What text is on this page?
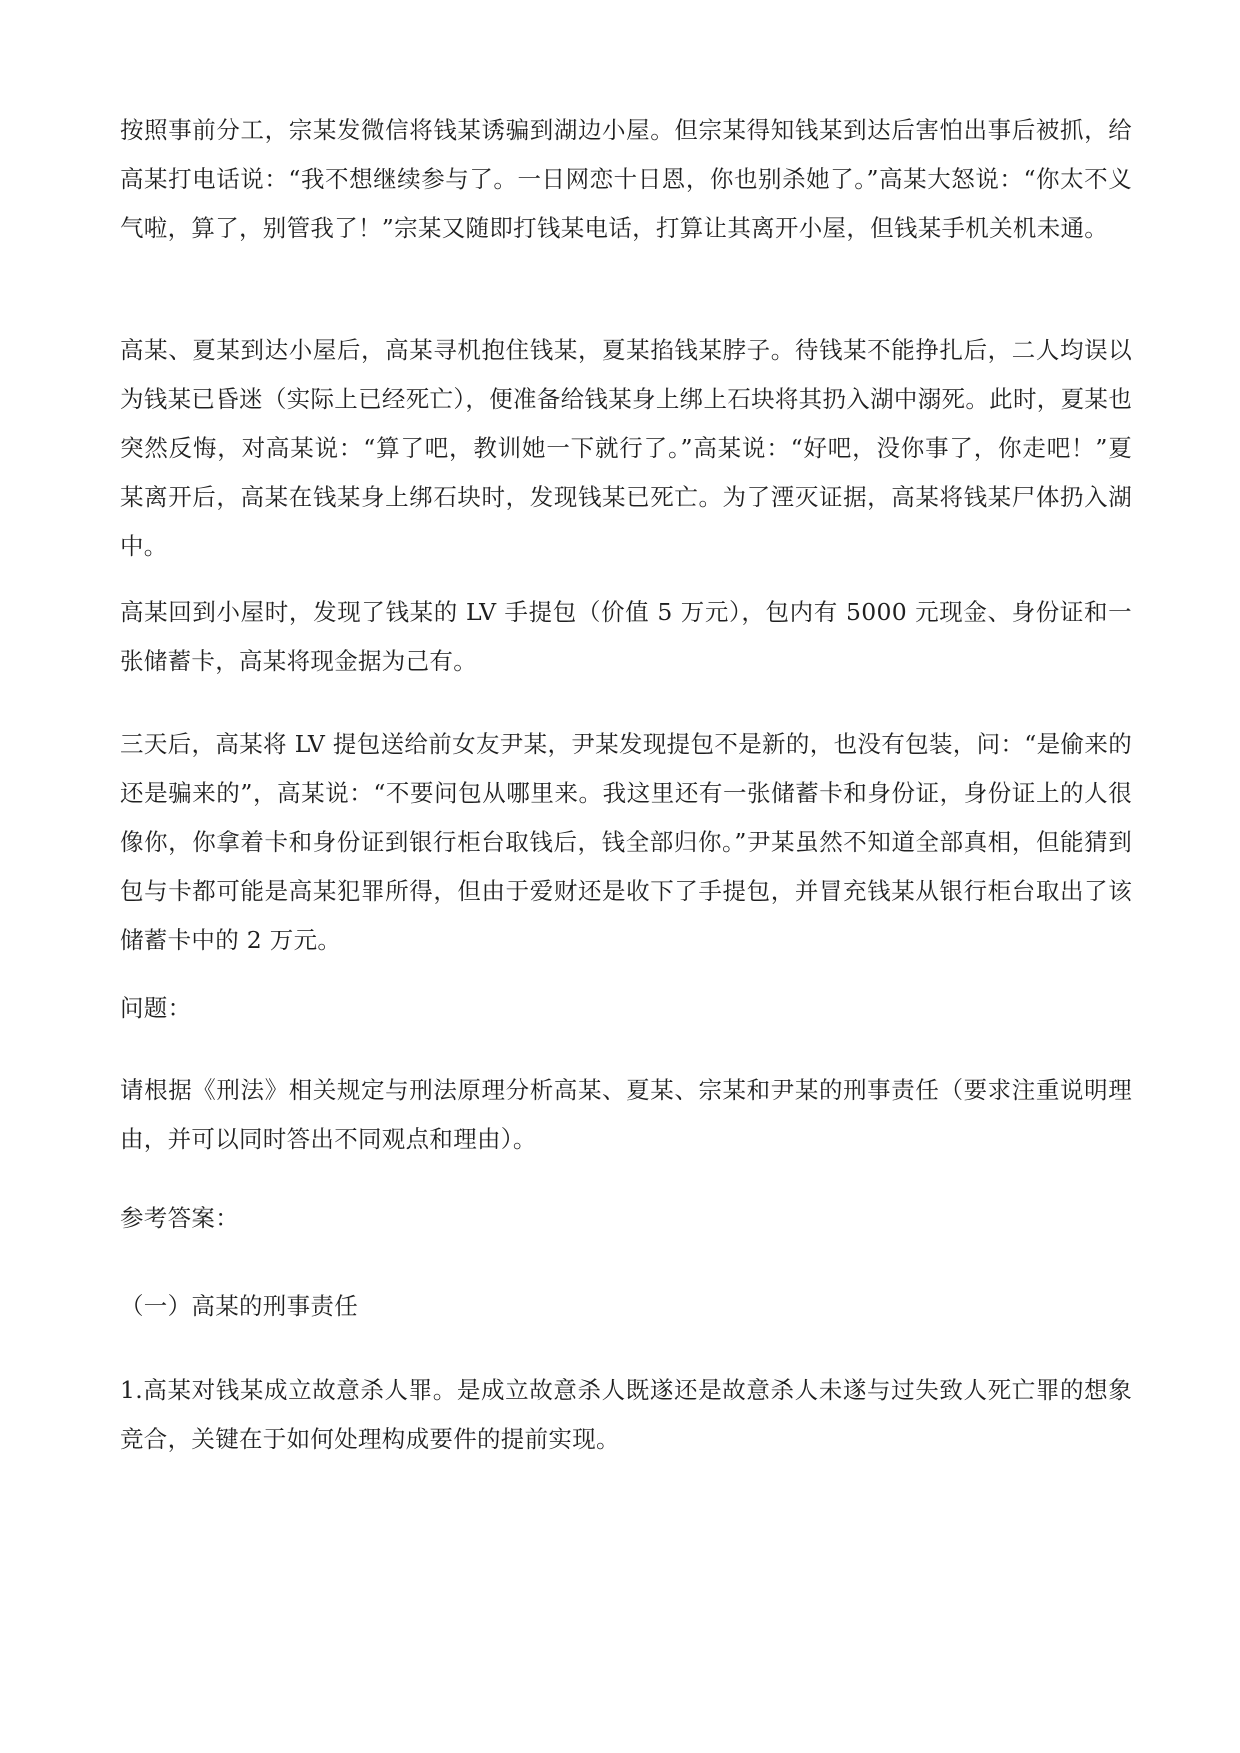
按照事前分工，宗某发微信将钱某诱骗到湖边小屋。但宗某得知钱某到达后害怕出事后被抓，给高某打电话说：“我不想继续参与了。一日网恋十日恩，你也别杀她了。”高某大怒说：“你太不义气啦，算了，别管我了！”宗某又随即打钱某电话，打算让其离开小屋，但钱某手机关机未通。

高某、夏某到达小屋后，高某寻机抱住钱某，夏某掐钱某脖子。待钱某不能挣扎后，二人均误以为钱某已昏迷（实际上已经死亡），便准备给钱某身上绑上石块将其扔入湖中溺死。此时，夏某也突然反悔，对高某说：“算了吧，教训她一下就行了。”高某说：“好吧，没你事了，你走吧！”夏某离开后，高某在钱某身上绑石块时，发现钱某已死亡。为了湮灭证据，高某将钱某尸体扔入湖中。

高某回到小屋时，发现了钱某的 LV 手提包（价值 5 万元），包内有 5000 元现金、身份证和一张储蓄卡，高某将现金据为己有。

三天后，高某将 LV 提包送给前女友尹某，尹某发现提包不是新的，也没有包装，问：“是偷来的还是骗来的”，高某说：“不要问包从哪里来。我这里还有一张储蓄卡和身份证，身份证上的人很像你，你拿着卡和身份证到银行柜台取钱后，钱全部归你。”尹某虽然不知道全部真相，但能猜到包与卡都可能是高某犯罪所得，但由于爱财还是收下了手提包，并冒充钱某从银行柜台取出了该储蓄卡中的 2 万元。

问题：

请根据《刑法》相关规定与刑法原理分析高某、夏某、宗某和尹某的刑事责任（要求注重说明理由，并可以同时答出不同观点和理由）。

参考答案：

（一）高某的刑事责任

1.高某对钱某成立故意杀人罪。是成立故意杀人既遂还是故意杀人未遂与过失致人死亡罪的想象竞合，关键在于如何处理构成要件的提前实现。
